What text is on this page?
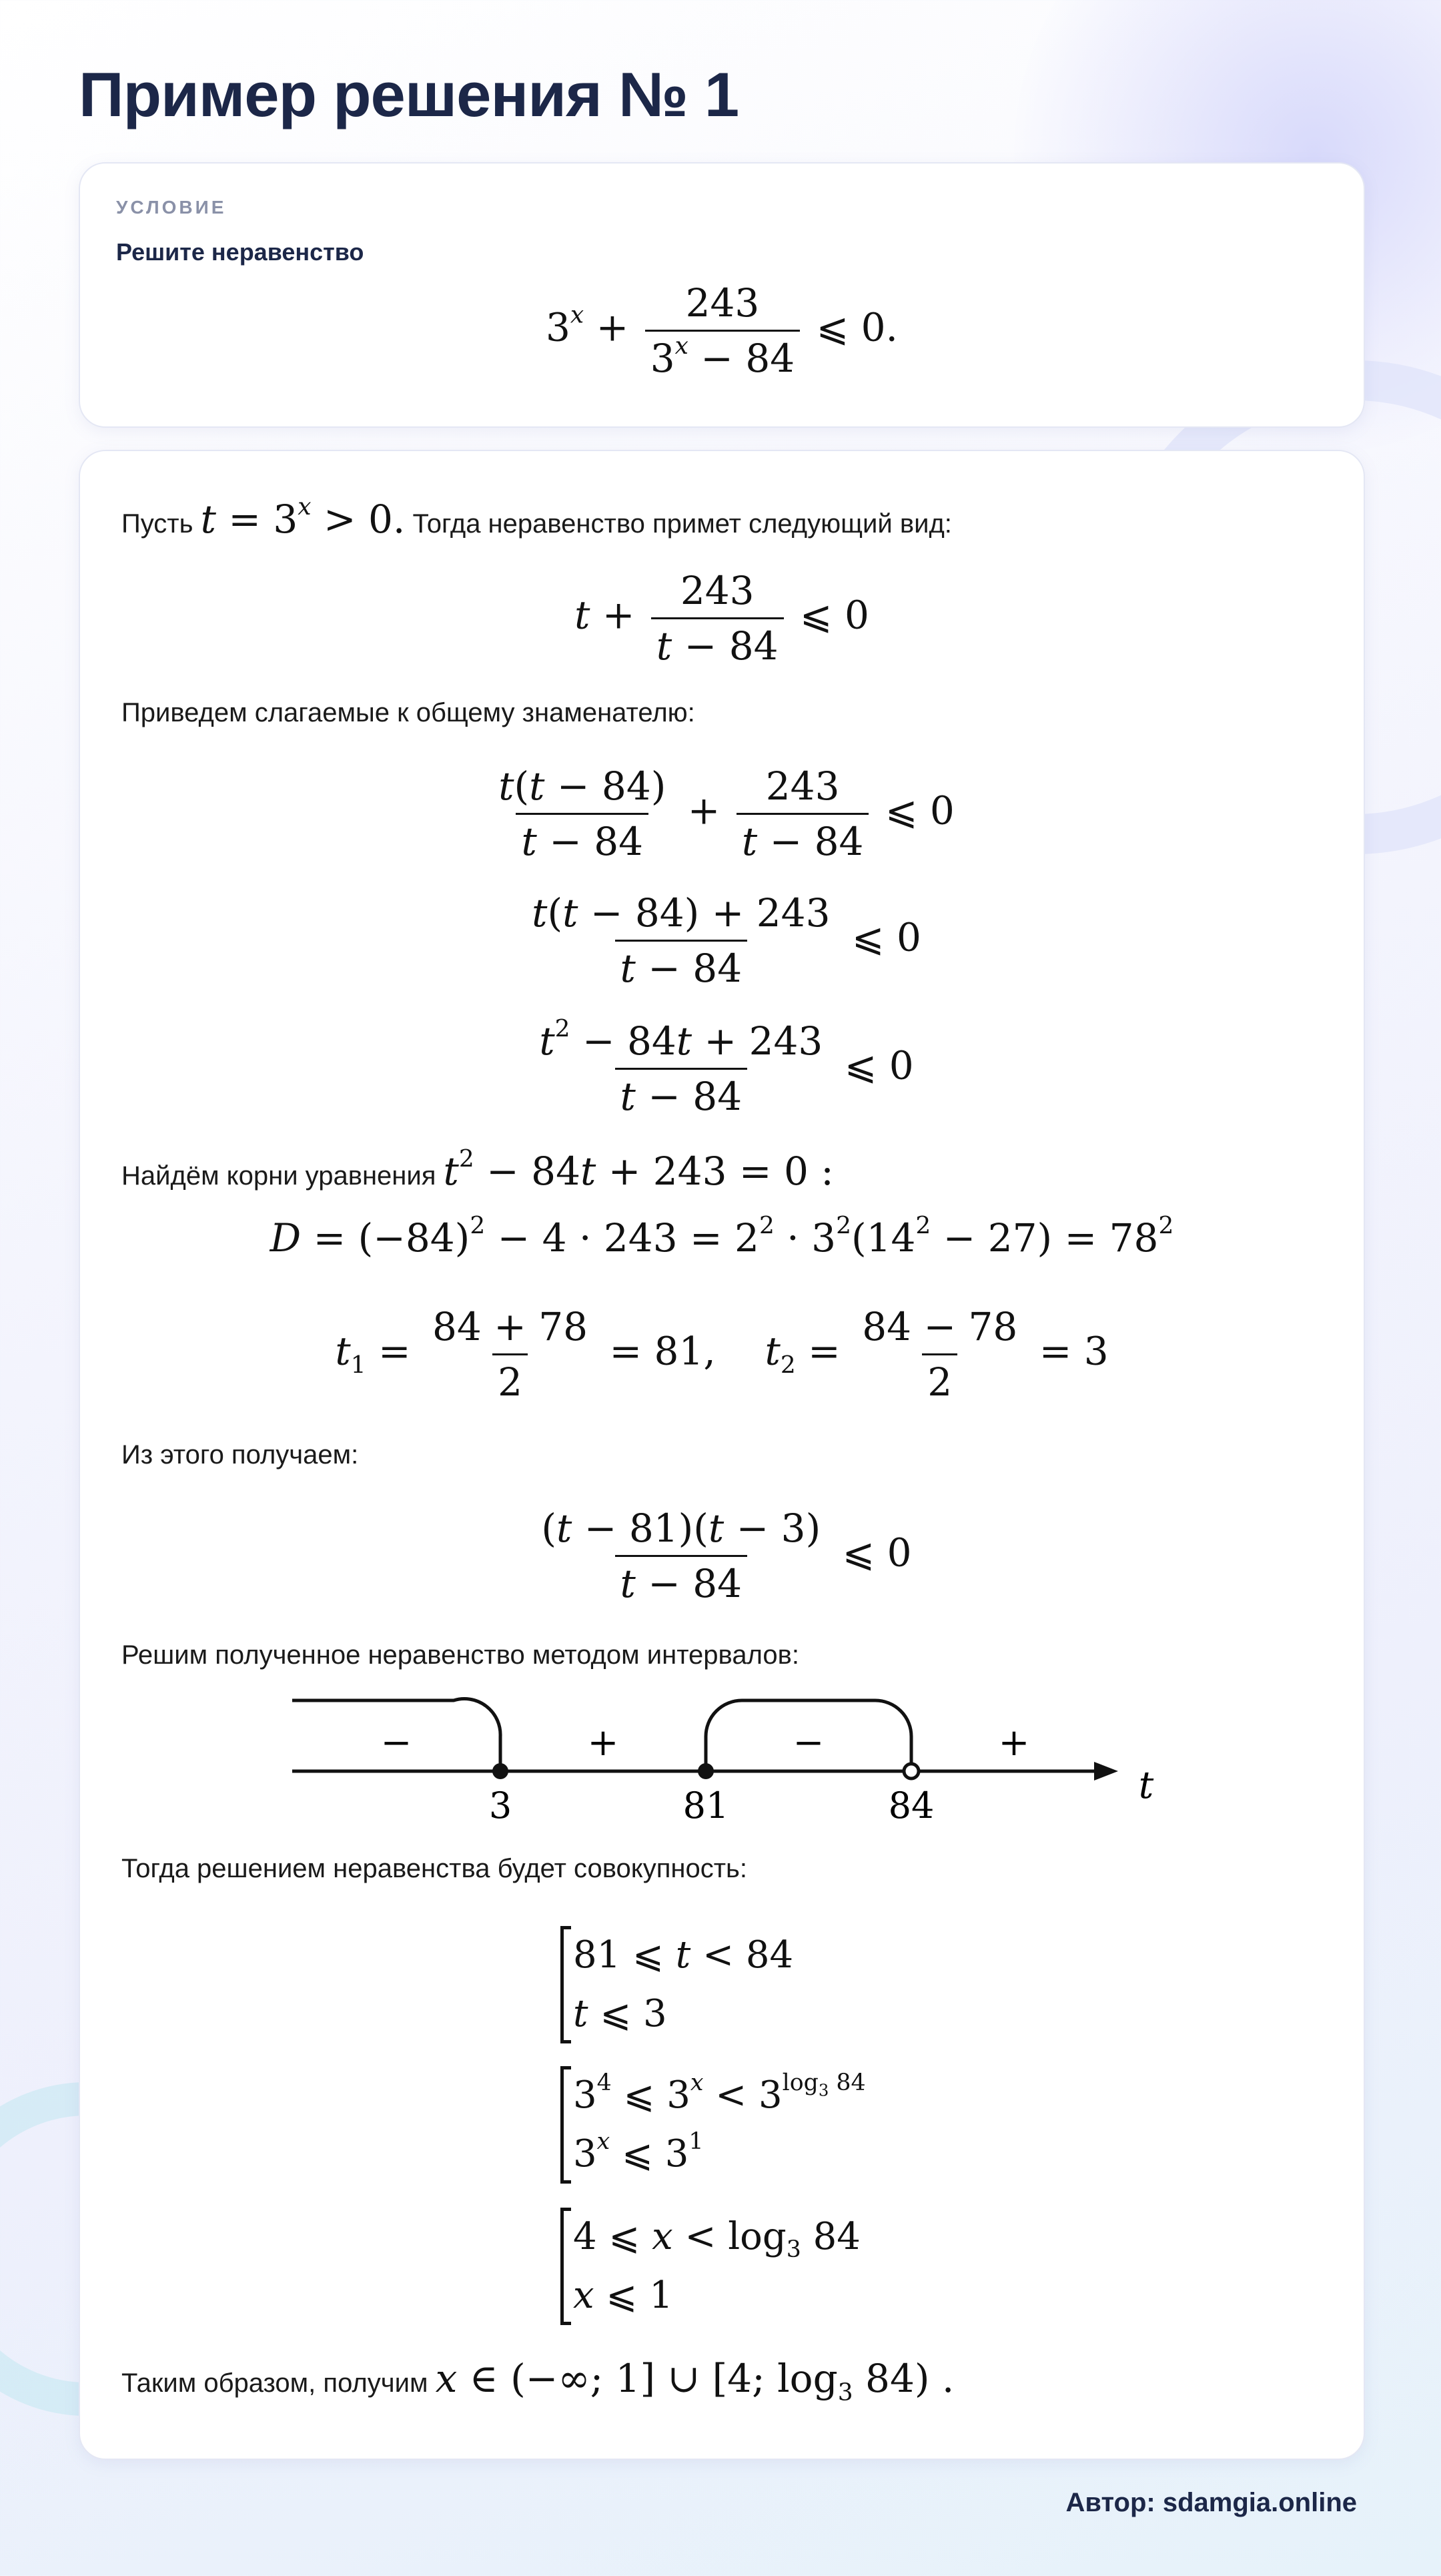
Пример решения № 1
УСЛОВИЕ
Решите неравенство
$3^x + \frac{243}{3^x - 84}$ ⩽ 0.
Пусть $t = 3^x > 0$. Тогда неравенство примет следующий вид:
$t + \frac{243}{t - 84}$ ⩽ 0
Приведем слагаемые к общему знаменателю:
$\frac{t(t - 84)}{t - 84} + \frac{243}{t - 84}$ ⩽ 0
$\frac{t(t - 84) + 243}{t - 84}$ ⩽ 0
$\frac{t^2 - 84t + 243}{t - 84}$ ⩽ 0
Найдём корни уравнения $t^2 - 84t + 243 = 0$ :
$D = (-84)^2 - 4 \cdot 243 = 2^2 \cdot 3^2(14^2 - 27) = 78^2$
$t_1 = \frac{84 + 78}{2} = 81$,    $t_2 = \frac{84 - 78}{2} = 3$
Из этого получаем:
$\frac{(t - 81)(t - 3)}{t - 84}$ ⩽ 0
Решим полученное неравенство методом интервалов:
−	+	−	+
3	81	84	t
Тогда решением неравенства будет совокупность:
81 ⩽ t < 84
t ⩽ 3
$3^4$ ⩽ $3^x < 3^{log_3 84}$
3$^x$ ⩽ $3^1$
4 ⩽ $x < \log_3 84$
x ⩽ 1
Таким образом, получим x ∈ (−∞; 1] ∪ [4; $\log_3 84$) .
Автор: sdamgia.online
